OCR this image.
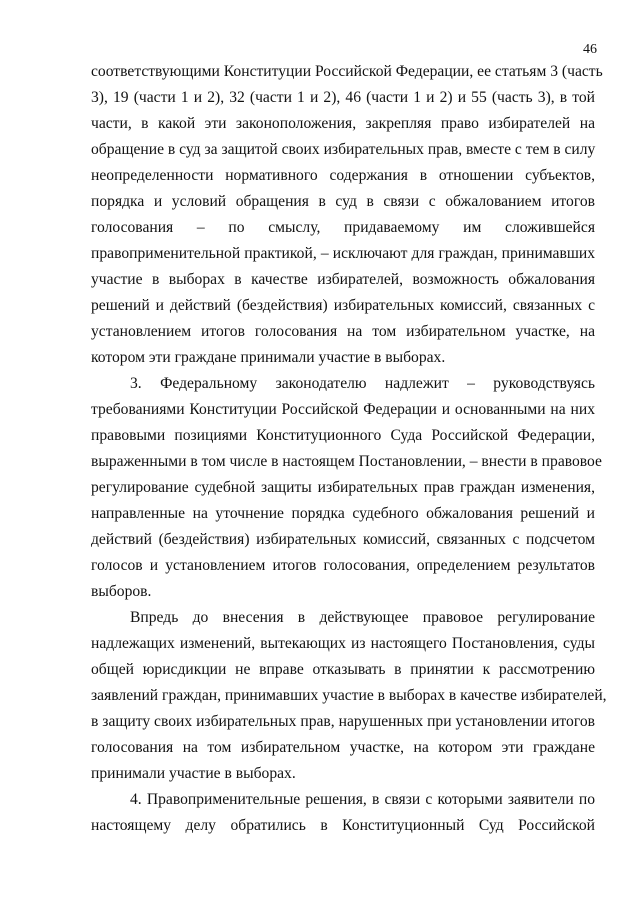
46

соответствующими Конституции Российской Федерации, ее статьям 3 (часть

3), 19 (части 1 и 2), 32 (части 1 и 2), 46 (части 1 и 2) и 55 (часть 3), в той

части, в какой эти законоположения, закрепляя право избирателей на

обращение в суд за защитой своих избирательных прав, вместе с тем в силу

неопределенности нормативного содержания в отношении субъектов,

порядка и условий обращения в суд в связи с обжалованием итогов

голосования – по смыслу, придаваемому им сложившейся

правоприменительной практикой, – исключают для граждан, принимавших

участие в выборах в качестве избирателей, возможность обжалования

решений и действий (бездействия) избирательных комиссий, связанных с

установлением итогов голосования на том избирательном участке, на

котором эти граждане принимали участие в выборах.

3. Федеральному законодателю надлежит – руководствуясь

требованиями Конституции Российской Федерации и основанными на них

правовыми позициями Конституционного Суда Российской Федерации,

выраженными в том числе в настоящем Постановлении, – внести в правовое

регулирование судебной защиты избирательных прав граждан изменения,

направленные на уточнение порядка судебного обжалования решений и

действий (бездействия) избирательных комиссий, связанных с подсчетом

голосов и установлением итогов голосования, определением результатов

выборов.

Впредь до внесения в действующее правовое регулирование

надлежащих изменений, вытекающих из настоящего Постановления, суды

общей юрисдикции не вправе отказывать в принятии к рассмотрению

заявлений граждан, принимавших участие в выборах в качестве избирателей,

в защиту своих избирательных прав, нарушенных при установлении итогов

голосования на том избирательном участке, на котором эти граждане

принимали участие в выборах.

4. Правоприменительные решения, в связи с которыми заявители по

настоящему делу обратились в Конституционный Суд Российской
